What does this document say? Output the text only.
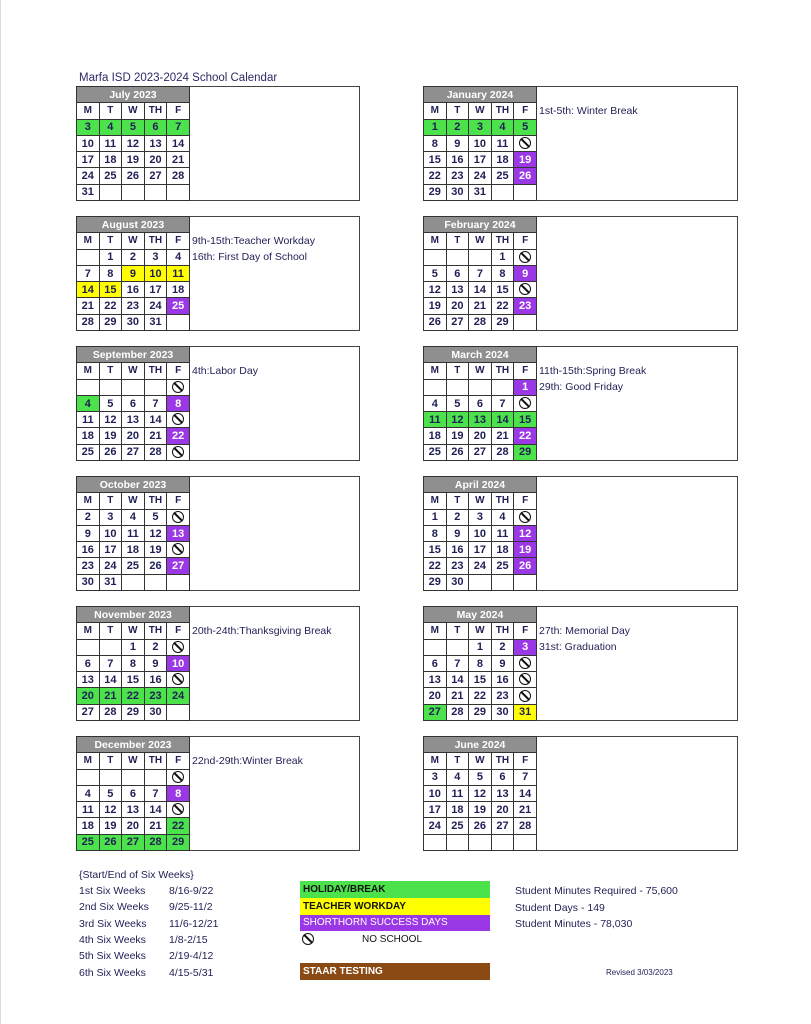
Marfa ISD 2023-2024 School Calendar
July 2023				
M	T	W	TH	F
3	4	5	6	7
10	11	12	13	14
17	18	19	20	21
24	25	26	27	28
31				
August 2023				
M	T	W	TH	F
	1	2	3	4
7	8	9	10	11
14	15	16	17	18
21	22	23	24	25
28	29	30	31	
9th-15th:Teacher Workday
16th: First Day of School
September 2023				
M	T	W	TH	F

4	5	6	7	8
11	12	13	14	
18	19	20	21	22
25	26	27	28	
4th:Labor Day
October 2023				
M	T	W	TH	F
2	3	4	5	
9	10	11	12	13
16	17	18	19	
23	24	25	26	27
30	31			
November 2023				
M	T	W	TH	F
		1	2	
6	7	8	9	10
13	14	15	16	
20	21	22	23	24
27	28	29	30	
20th-24th:Thanksgiving Break
December 2023				
M	T	W	TH	F

4	5	6	7	8
11	12	13	14	
18	19	20	21	22
25	26	27	28	29
22nd-29th:Winter Break
January 2024				
M	T	W	TH	F
1	2	3	4	5
8	9	10	11	
15	16	17	18	19
22	23	24	25	26
29	30	31		
1st-5th: Winter Break
February 2024				
M	T	W	TH	F
			1	
5	6	7	8	9
12	13	14	15	
19	20	21	22	23
26	27	28	29	
March 2024				
M	T	W	TH	F
				1
4	5	6	7	
11	12	13	14	15
18	19	20	21	22
25	26	27	28	29
11th-15th:Spring Break
29th: Good Friday
April 2024				
M	T	W	TH	F
1	2	3	4	
8	9	10	11	12
15	16	17	18	19
22	23	24	25	26
29	30			
May 2024				
M	T	W	TH	F
		1	2	3
6	7	8	9	
13	14	15	16	
20	21	22	23	
27	28	29	30	31
27th: Memorial Day
31st: Graduation
June 2024				
M	T	W	TH	F
3	4	5	6	7
10	11	12	13	14
17	18	19	20	21
24	25	26	27	28

{Start/End of Six Weeks}
1st Six Weeks 8/16-9/22
2nd Six Weeks 9/25-11/2
3rd Six Weeks 11/6-12/21
4th Six Weeks 1/8-2/15
5th Six Weeks 2/19-4/12
6th Six Weeks 4/15-5/31
HOLIDAY/BREAK
TEACHER WORKDAY
SHORTHORN SUCCESS DAYS
NO SCHOOL
STAAR TESTING
Student Minutes Required - 75,600
Student Days - 149
Student Minutes - 78,030
Revised 3/03/2023
